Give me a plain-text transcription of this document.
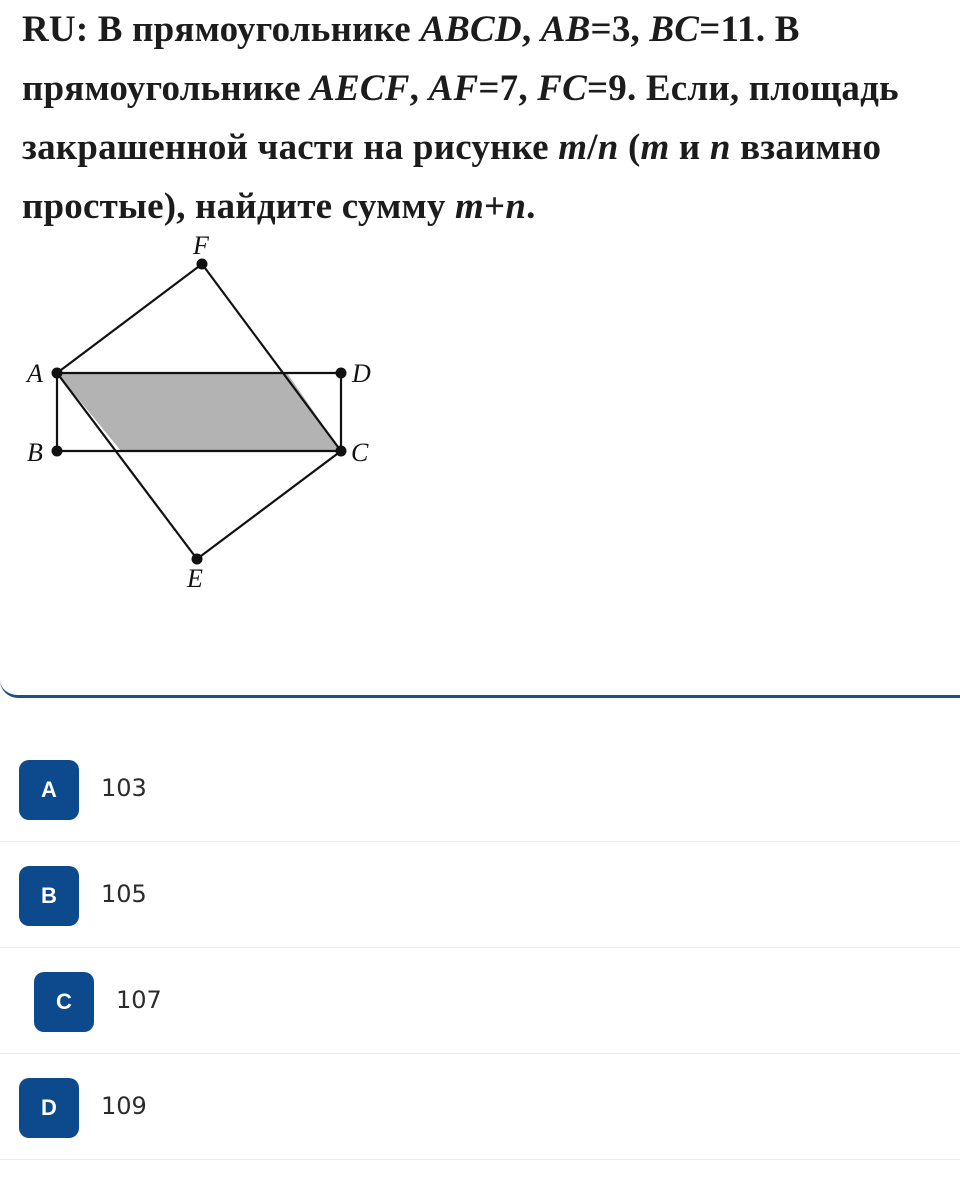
RU: В прямоугольнике ABCD, AB=3, BC=11. В прямоугольнике AECF, AF=7, FC=9. Если, площадь закрашенной части на рисунке m/n (m и n взаимно простые), найдите сумму m+n.

F
A	D
B	C
E
A	103
B	105
C	107
D	109
